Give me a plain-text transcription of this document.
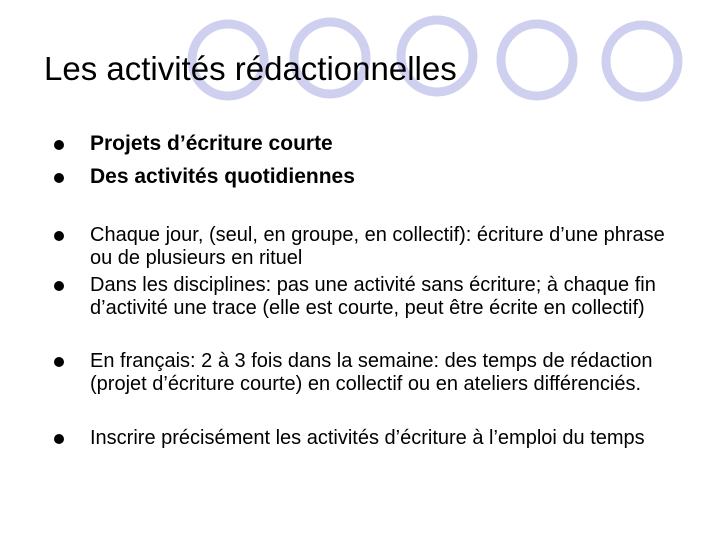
Les activités rédactionnelles
Projets d’écriture courte
Des activités quotidiennes
Chaque jour, (seul, en groupe, en collectif): écriture d’une phrase ou de plusieurs en rituel
Dans les disciplines: pas une activité sans écriture; à chaque fin d’activité une trace (elle est courte, peut être écrite en collectif)
En français: 2 à 3 fois dans la semaine: des temps de rédaction (projet d’écriture courte) en collectif ou en ateliers différenciés.
Inscrire précisément les activités d’écriture à l’emploi du temps
